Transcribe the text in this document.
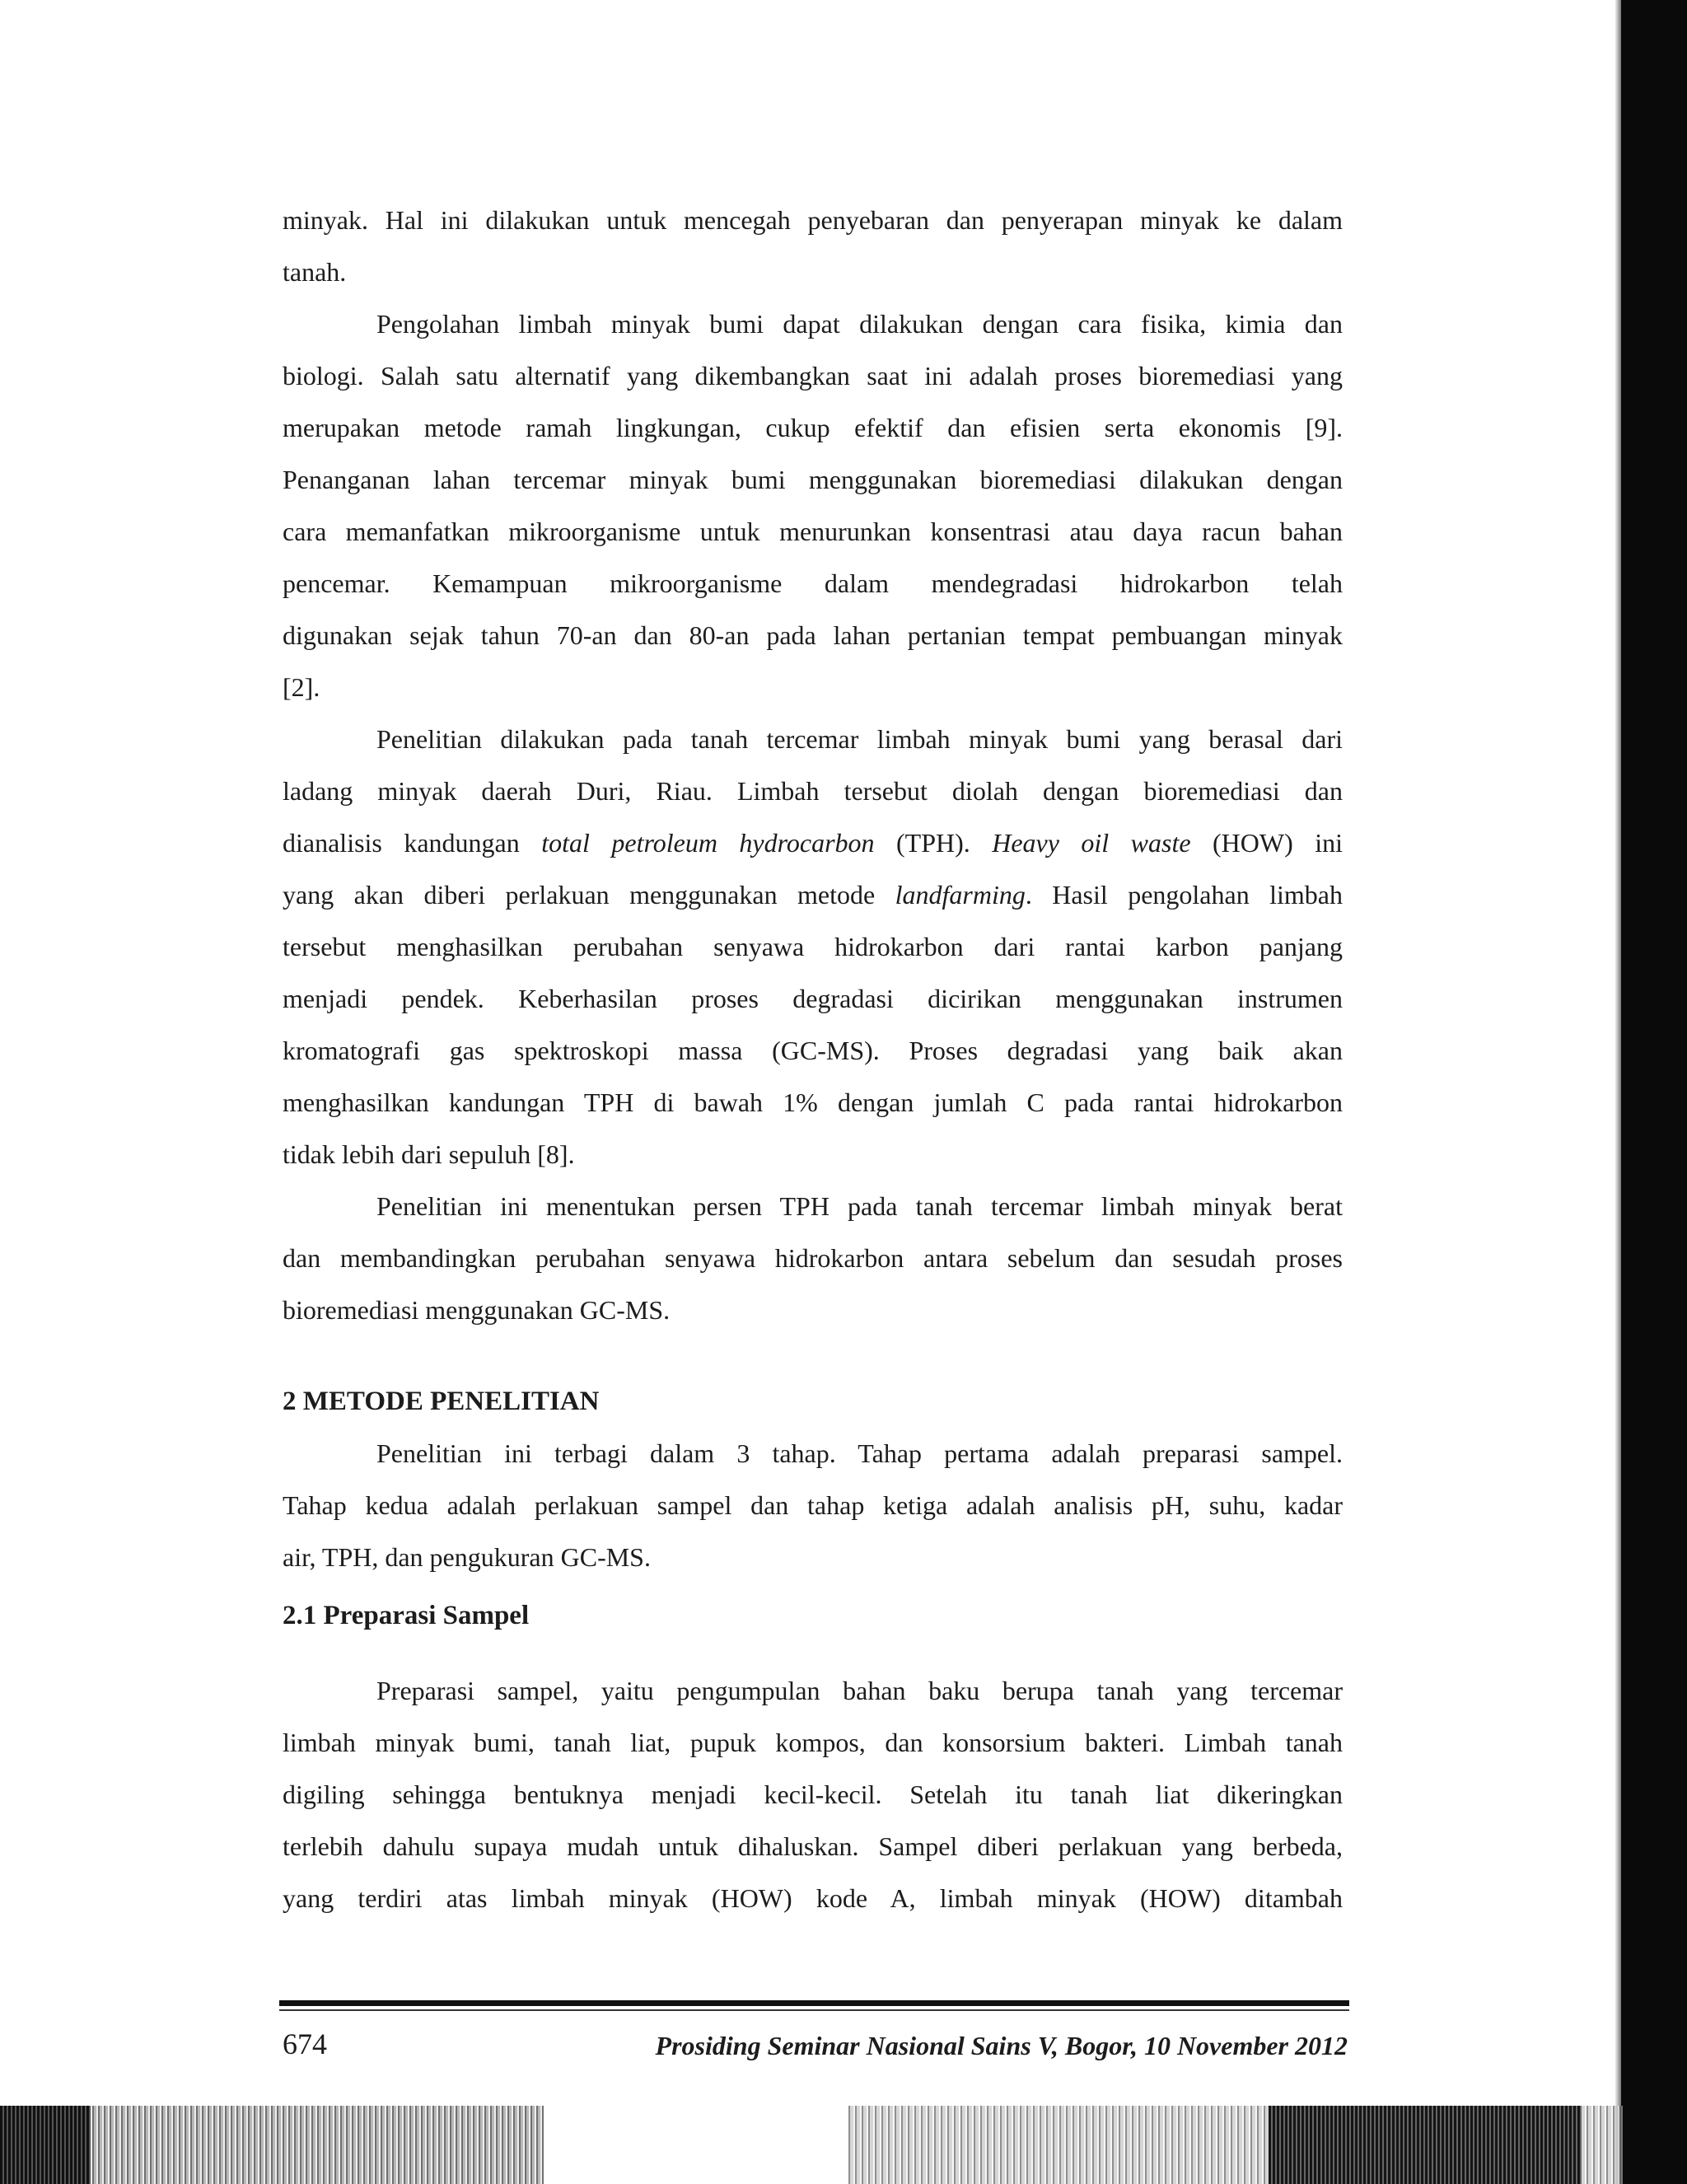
minyak. Hal ini dilakukan untuk mencegah penyebaran dan penyerapan minyak ke dalam
tanah.
Pengolahan limbah minyak bumi dapat dilakukan dengan cara fisika, kimia dan
biologi. Salah satu alternatif yang dikembangkan saat ini adalah proses bioremediasi yang
merupakan metode ramah lingkungan, cukup efektif dan efisien serta ekonomis [9].
Penanganan lahan tercemar minyak bumi menggunakan bioremediasi dilakukan dengan
cara memanfatkan mikroorganisme untuk menurunkan konsentrasi atau daya racun bahan
pencemar. Kemampuan mikroorganisme dalam mendegradasi hidrokarbon telah
digunakan sejak tahun 70-an dan 80-an pada lahan pertanian tempat pembuangan minyak
[2].
Penelitian dilakukan pada tanah tercemar limbah minyak bumi yang berasal dari
ladang minyak daerah Duri, Riau. Limbah tersebut diolah dengan bioremediasi dan
dianalisis kandungan total petroleum hydrocarbon (TPH). Heavy oil waste (HOW) ini
yang akan diberi perlakuan menggunakan metode landfarming. Hasil pengolahan limbah
tersebut menghasilkan perubahan senyawa hidrokarbon dari rantai karbon panjang
menjadi pendek. Keberhasilan proses degradasi dicirikan menggunakan instrumen
kromatografi gas spektroskopi massa (GC-MS). Proses degradasi yang baik akan
menghasilkan kandungan TPH di bawah 1% dengan jumlah C pada rantai hidrokarbon
tidak lebih dari sepuluh [8].
Penelitian ini menentukan persen TPH pada tanah tercemar limbah minyak berat
dan membandingkan perubahan senyawa hidrokarbon antara sebelum dan sesudah proses
bioremediasi menggunakan GC-MS.
2 METODE PENELITIAN
Penelitian ini terbagi dalam 3 tahap. Tahap pertama adalah preparasi sampel.
Tahap kedua adalah perlakuan sampel dan tahap ketiga adalah analisis pH, suhu, kadar
air, TPH, dan pengukuran GC-MS.
2.1 Preparasi Sampel
Preparasi sampel, yaitu pengumpulan bahan baku berupa tanah yang tercemar
limbah minyak bumi, tanah liat, pupuk kompos, dan konsorsium bakteri. Limbah tanah
digiling sehingga bentuknya menjadi kecil-kecil. Setelah itu tanah liat dikeringkan
terlebih dahulu supaya mudah untuk dihaluskan. Sampel diberi perlakuan yang berbeda,
yang terdiri atas limbah minyak (HOW) kode A, limbah minyak (HOW) ditambah
674	Prosiding Seminar Nasional Sains V, Bogor, 10 November 2012
